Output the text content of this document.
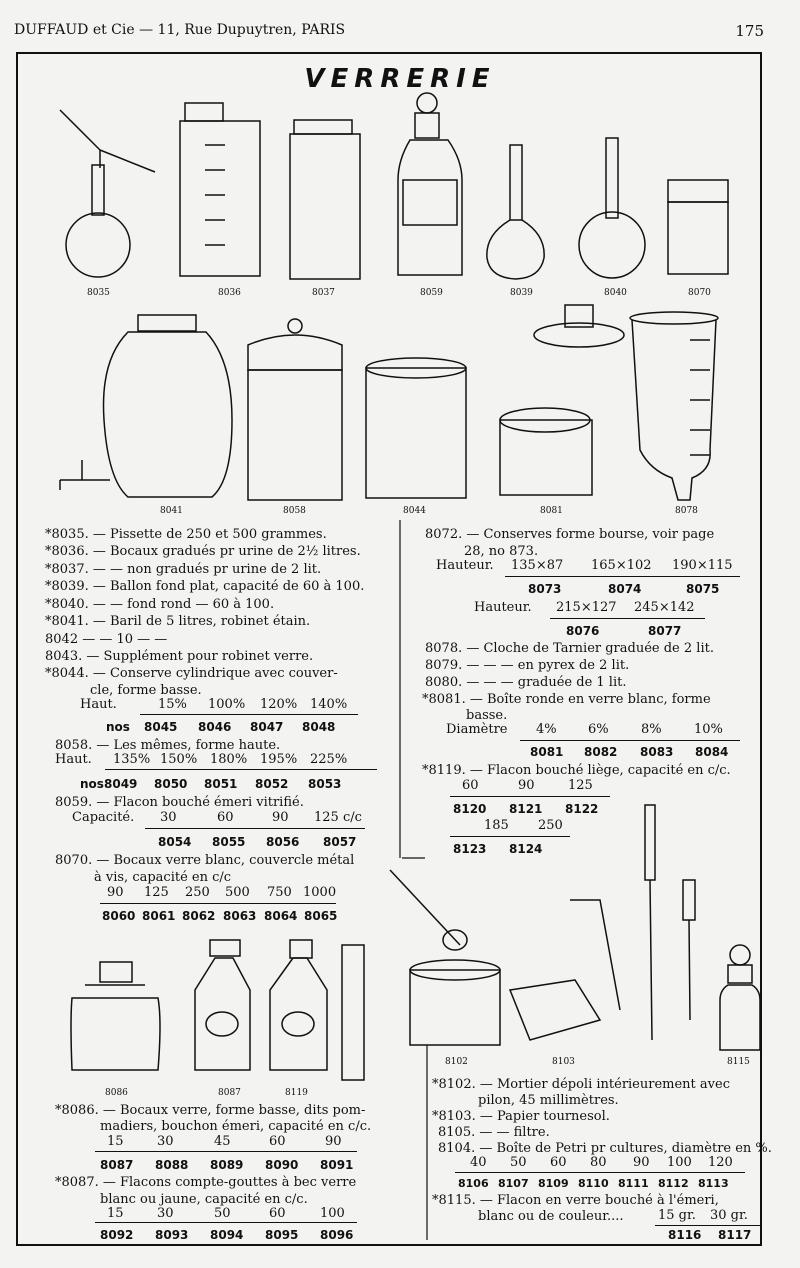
DUFFAUD et Cie — 11, Rue Dupuytren, PARIS	175
VERRERIE
8035	8036	8037	8059	8039	8040	8070
8041	8058	8044	8081	8078
8086	8087	8119
8102	8103	8115
*8035. — Pissette de 250 et 500 grammes.
*8036. — Bocaux gradués pr urine de 2½ litres.
*8037. — — non gradués pr urine de 2 lit.
*8039. — Ballon fond plat, capacité de 60 à 100.
*8040. — — fond rond — 60 à 100.
*8041. — Baril de 5 litres, robinet étain.
8042 — — 10 — —
8043. — Supplément pour robinet verre.
*8044. — Conserve cylindrique avec couver-
cle, forme basse.
Haut.	15% 100% 120% 140%
nos 8045 8046 8047 8048
8058. — Les mêmes, forme haute.
Haut. 135% 150% 180% 195% 225%
nos 8049 8050 8051 8052 8053
8059. — Flacon bouché émeri vitrifié.
Capacité. 30	60	90 125 c/c
8054 8055 8056 8057
8070. — Bocaux verre blanc, couvercle métal
à vis, capacité en c/c
90 125 250 500 750 1000
8060 8061 8062 8063 8064 8065
8072. — Conserves forme bourse, voir page
28, no 873.
Hauteur. 135×87 165×102 190×115
8073	8074	8075
Hauteur. 215×127 245×142
8076	8077
8078. — Cloche de Tarnier graduée de 2 lit.
8079. — — — en pyrex de 2 lit.
8080. — — — graduée de 1 lit.
*8081. — Boîte ronde en verre blanc, forme
basse.
Diamètre 4% 6% 8% 10%
8081 8082 8083 8084
*8119. — Flacon bouché liège, capacité en c/c.
60	90	125
8120 8121 8122
185 250
8123 8124
*8086. — Bocaux verre, forme basse, dits pom-
madiers, bouchon émeri, capacité en c/c.
15	30	45	60	90
8087 8088 8089 8090 8091
*8087. — Flacons compte-gouttes à bec verre
blanc ou jaune, capacité en c/c.
15	30	50	60	100
8092 8093 8094 8095 8096
*8102. — Mortier dépoli intérieurement avec
pilon, 45 millimètres.
*8103. — Papier tournesol.
8105. — — filtre.
8104. — Boîte de Petri pr cultures, diamètre en %.
40 50 60 80 90 100 120
8106 8107 8109 8110 8111 8112 8113
*8115. — Flacon en verre bouché à l'émeri,
blanc ou de couleur....	15 gr. 30 gr.
8116 8117
